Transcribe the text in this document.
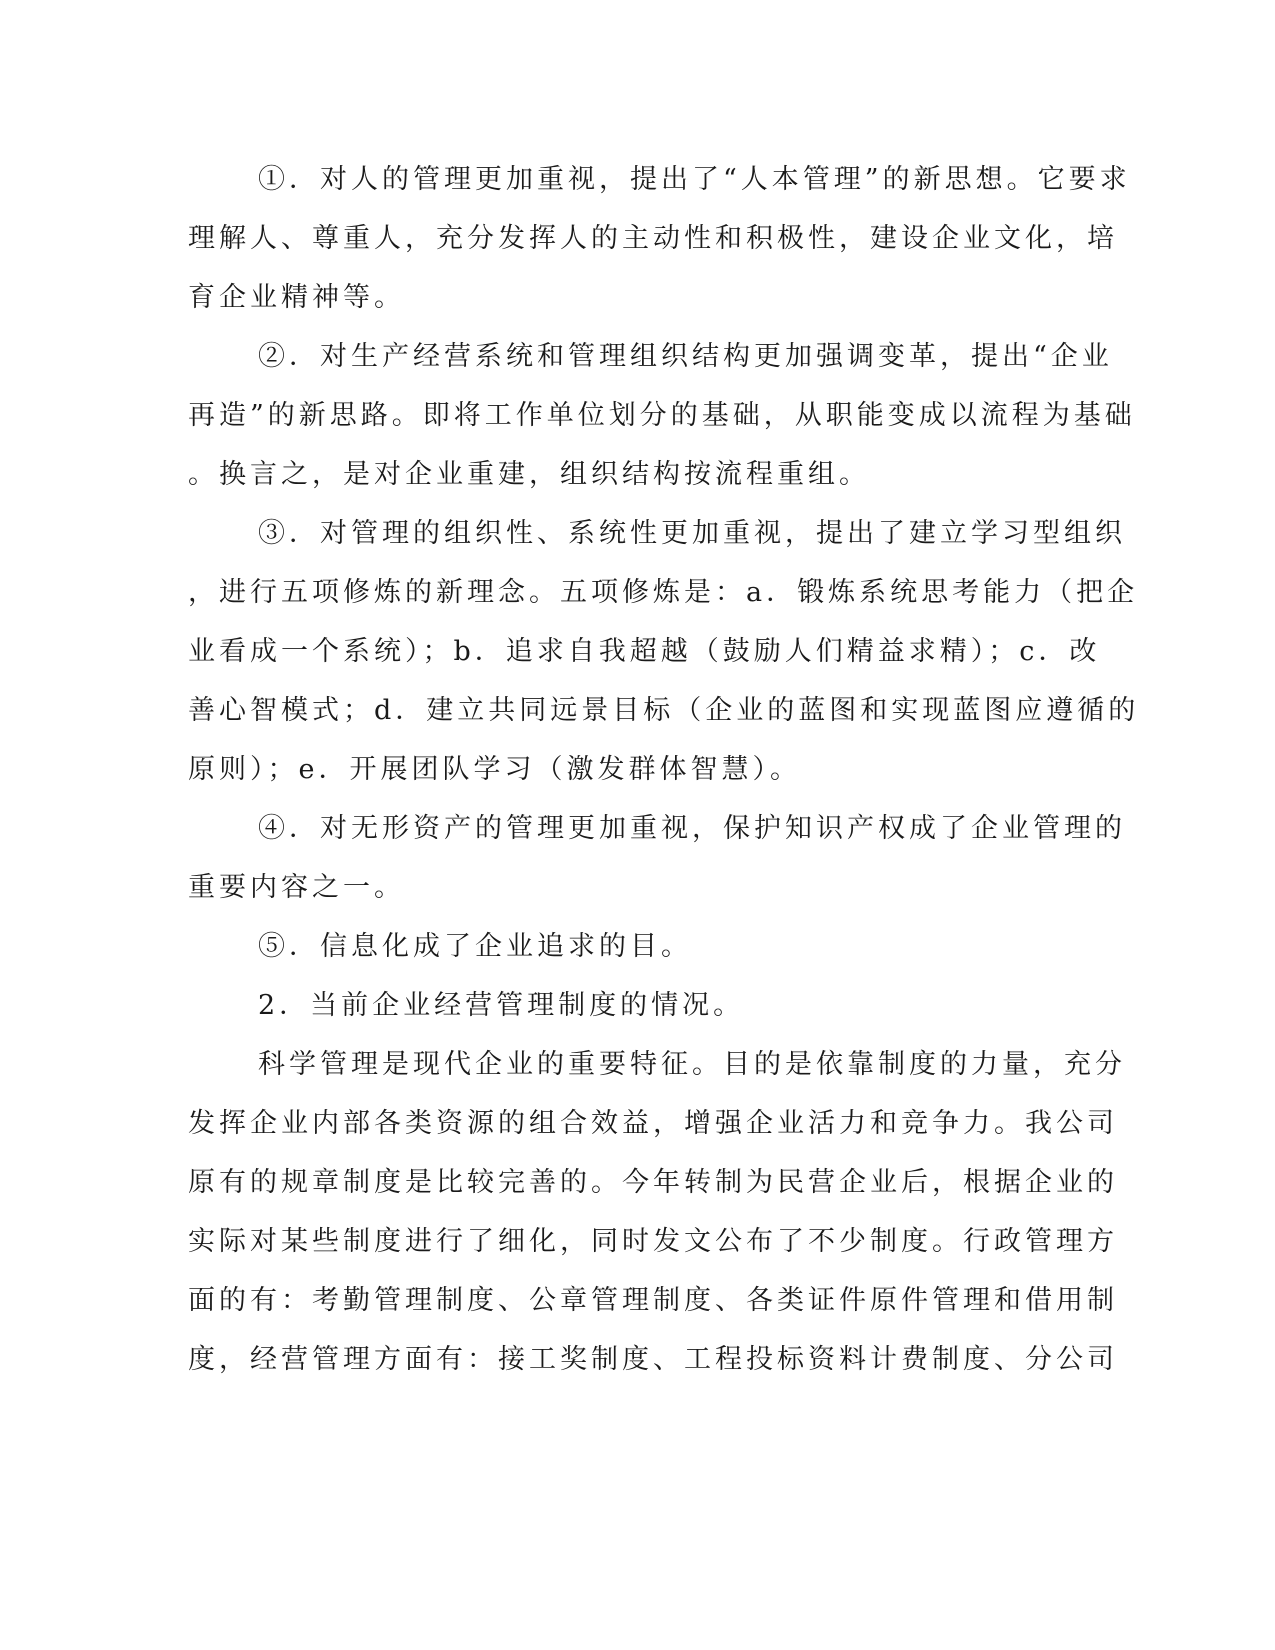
①．对人的管理更加重视，提出了“人本管理”的新思想。它要求
理解人、尊重人，充分发挥人的主动性和积极性，建设企业文化，培
育企业精神等。
②．对生产经营系统和管理组织结构更加强调变革，提出“企业
再造”的新思路。即将工作单位划分的基础，从职能变成以流程为基础
。换言之，是对企业重建，组织结构按流程重组。
③．对管理的组织性、系统性更加重视，提出了建立学习型组织
，进行五项修炼的新理念。五项修炼是：a．锻炼系统思考能力（把企
业看成一个系统）；b．追求自我超越（鼓励人们精益求精）；c．改
善心智模式；d．建立共同远景目标（企业的蓝图和实现蓝图应遵循的
原则）；e．开展团队学习（激发群体智慧）。
④．对无形资产的管理更加重视，保护知识产权成了企业管理的
重要内容之一。
⑤．信息化成了企业追求的目。
2．当前企业经营管理制度的情况。
科学管理是现代企业的重要特征。目的是依靠制度的力量，充分
发挥企业内部各类资源的组合效益，增强企业活力和竞争力。我公司
原有的规章制度是比较完善的。今年转制为民营企业后，根据企业的
实际对某些制度进行了细化，同时发文公布了不少制度。行政管理方
面的有：考勤管理制度、公章管理制度、各类证件原件管理和借用制
度，经营管理方面有：接工奖制度、工程投标资料计费制度、分公司
